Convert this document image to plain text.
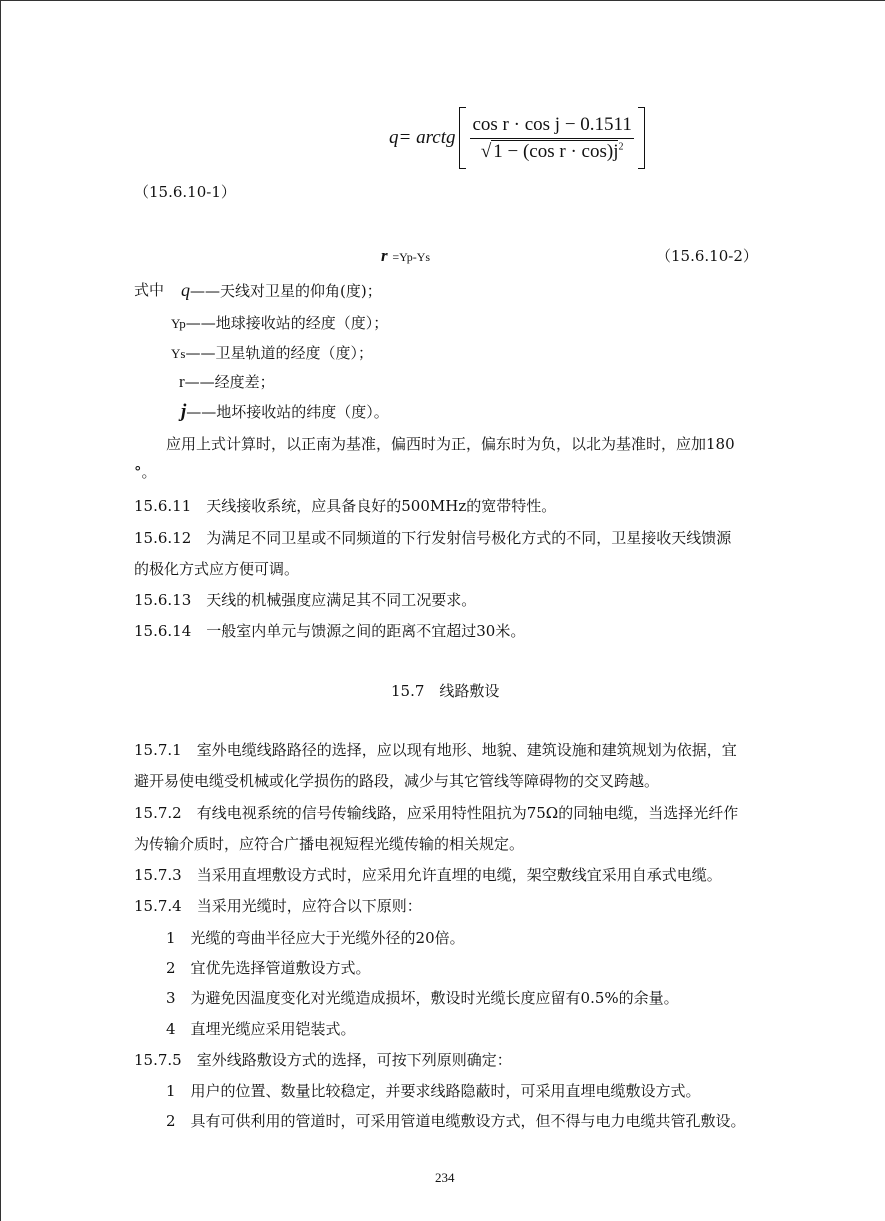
q = arctg $\frac{\text{cos r · cos j − 0.1511}}{√ 1 - (\cos r \cdot \cos)j^2}$
（15.6.10-1）
r =Yp-Ys	（15.6.10-2）
式中 q——天线对卫星的仰角(度)；
Yp——地球接收站的经度（度）；
Ys——卫星轨道的经度（度）；
r——经度差；
j——地坏接收站的纬度（度）。
应用上式计算时，以正南为基准，偏西时为正，偏东时为负，以北为基准时，应加180
°。
15.6.11　天线接收系统，应具备良好的500MHz的宽带特性。
15.6.12　为满足不同卫星或不同频道的下行发射信号极化方式的不同，卫星接收天线馈源
的极化方式应方便可调。
15.6.13　天线的机械强度应满足其不同工况要求。
15.6.14　一般室内单元与馈源之间的距离不宜超过30米。
15.7　线路敷设
15.7.1　室外电缆线路路径的选择，应以现有地形、地貌、建筑设施和建筑规划为依据，宜
避开易使电缆受机械或化学损伤的路段，减少与其它管线等障碍物的交叉跨越。
15.7.2　有线电视系统的信号传输线路，应采用特性阻抗为75Ω的同轴电缆，当选择光纤作
为传输介质时，应符合广播电视短程光缆传输的相关规定。
15.7.3　当采用直埋敷设方式时，应采用允许直埋的电缆，架空敷线宜采用自承式电缆。
15.7.4　当采用光缆时，应符合以下原则：
1　光缆的弯曲半径应大于光缆外径的20倍。
2　宜优先选择管道敷设方式。
3　为避免因温度变化对光缆造成损坏，敷设时光缆长度应留有0.5%的余量。
4　直埋光缆应采用铠装式。
15.7.5　室外线路敷设方式的选择，可按下列原则确定：
1　用户的位置、数量比较稳定，并要求线路隐蔽时，可采用直埋电缆敷设方式。
2　具有可供利用的管道时，可采用管道电缆敷设方式，但不得与电力电缆共管孔敷设。
234
